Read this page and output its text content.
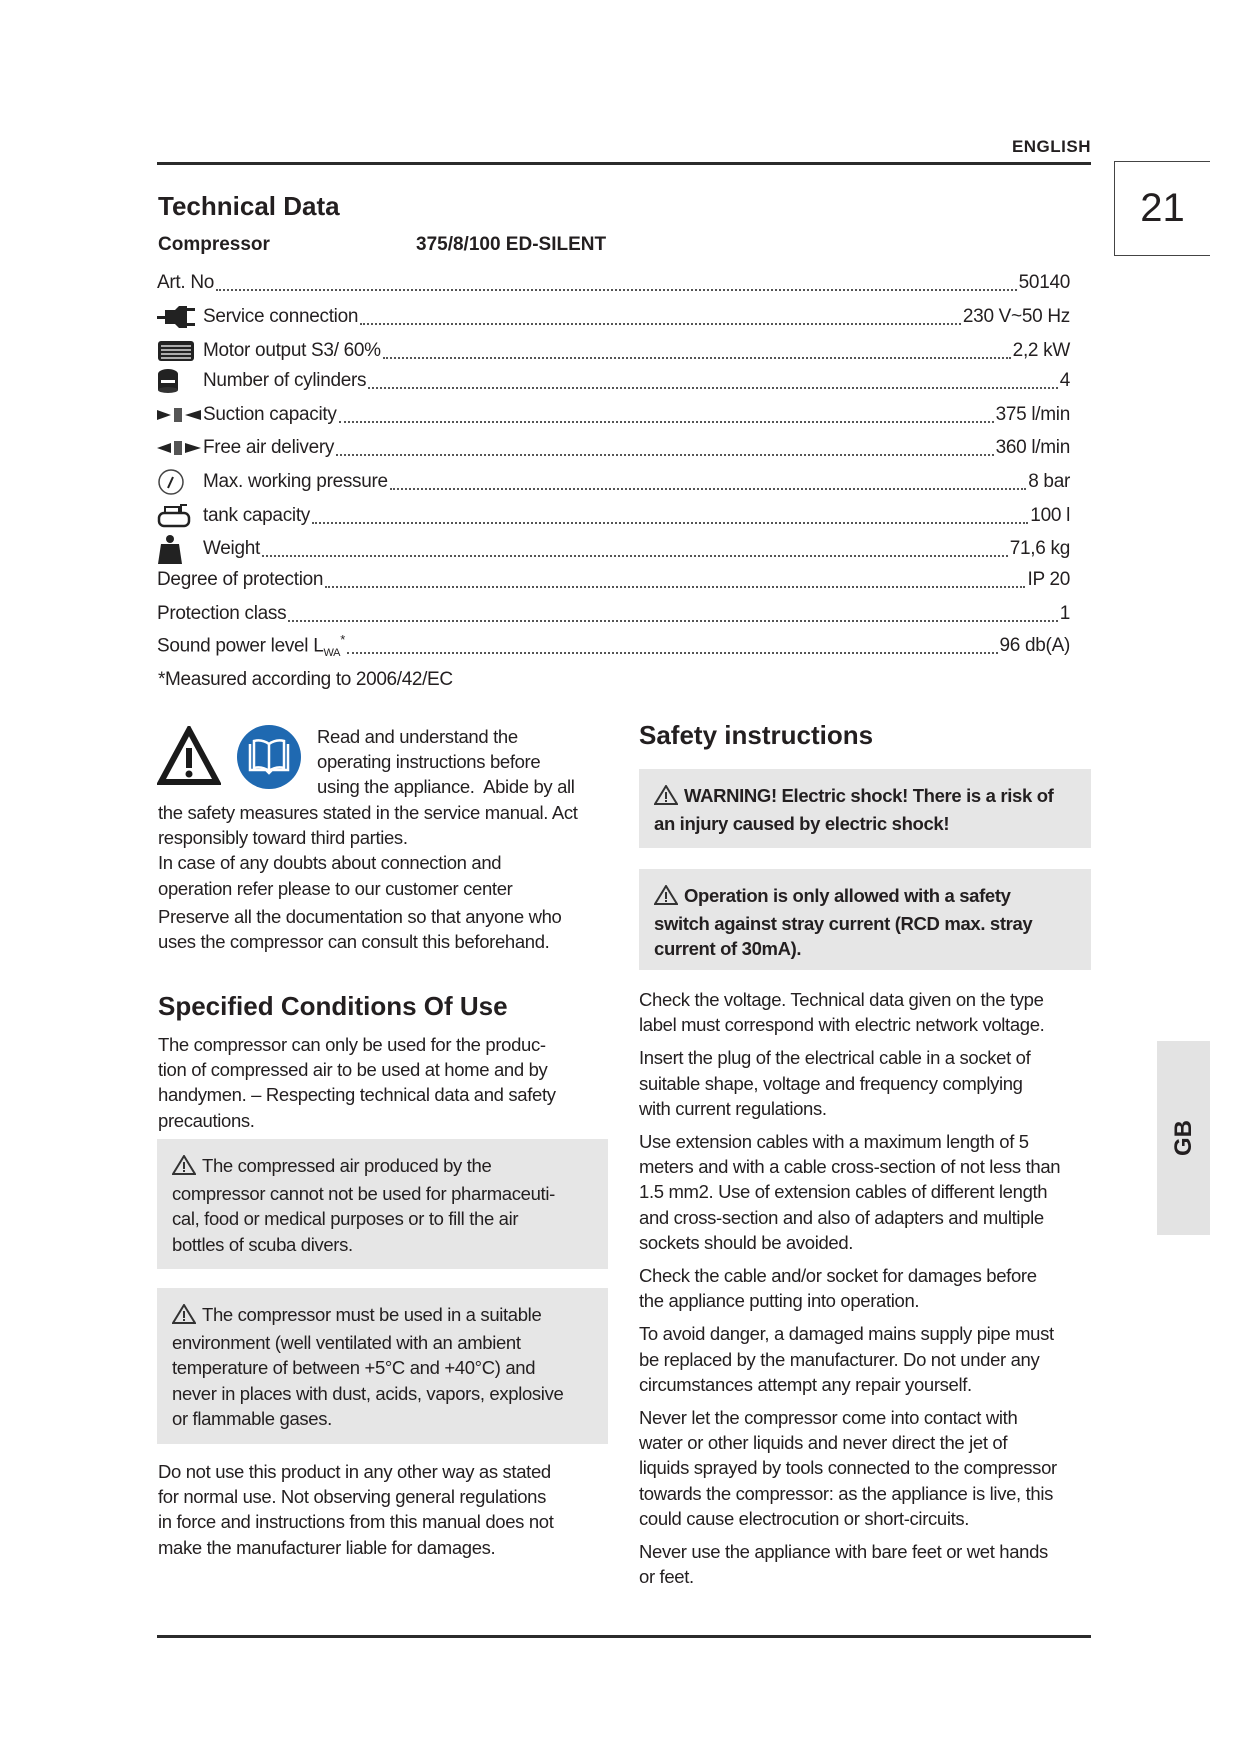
ENGLISH
21
GB
Technical Data
Compressor	375/8/100 ED-SILENT
Art. No	50140
Service connection	230 V~50 Hz
Motor output S3/ 60%	2,2 kW
Number of cylinders	4
Suction capacity	375 l/min
Free air delivery	360 l/min
Max. working pressure	8 bar
tank capacity	100 l
Weight	71,6 kg
Degree of protection	IP 20
Protection class	1
Sound power level $L_{WA}^*$	96 db(A)
*Measured according to 2006/42/EC
Read and understand the
operating instructions before
using the appliance.  Abide by all
the safety measures stated in the service manual. Act
responsibly toward third parties.
In case of any doubts about connection and
operation refer please to our customer center
Preserve all the documentation so that anyone who
uses the compressor can consult this beforehand.
Specified Conditions Of Use
The compressor can only be used for the produc-
tion of compressed air to be used at home and by
handymen. – Respecting technical data and safety
precautions.
The compressed air produced by the
compressor cannot not be used for pharmaceuti-
cal, food or medical purposes or to fill the air
bottles of scuba divers.
The compressor must be used in a suitable
environment (well ventilated with an ambient
temperature of between +5°C and +40°C) and
never in places with dust, acids, vapors, explosive
or flammable gases.
Do not use this product in any other way as stated
for normal use. Not observing general regulations
in force and instructions from this manual does not
make the manufacturer liable for damages.
Safety instructions
WARNING! Electric shock! There is a risk of
an injury caused by electric shock!
Operation is only allowed with a safety
switch against stray current (RCD max. stray
current of 30mA).
Check the voltage. Technical data given on the type
label must correspond with electric network voltage.
Insert the plug of the electrical cable in a socket of
suitable shape, voltage and frequency complying
with current regulations.
Use extension cables with a maximum length of 5
meters and with a cable cross-section of not less than
1.5 mm2. Use of extension cables of different length
and cross-section and also of adapters and multiple
sockets should be avoided.
Check the cable and/or socket for damages before
the appliance putting into operation.
To avoid danger, a damaged mains supply pipe must
be replaced by the manufacturer. Do not under any
circumstances attempt any repair yourself.
Never let the compressor come into contact with
water or other liquids and never direct the jet of
liquids sprayed by tools connected to the compressor
towards the compressor: as the appliance is live, this
could cause electrocution or short-circuits.
Never use the appliance with bare feet or wet hands
or feet.
